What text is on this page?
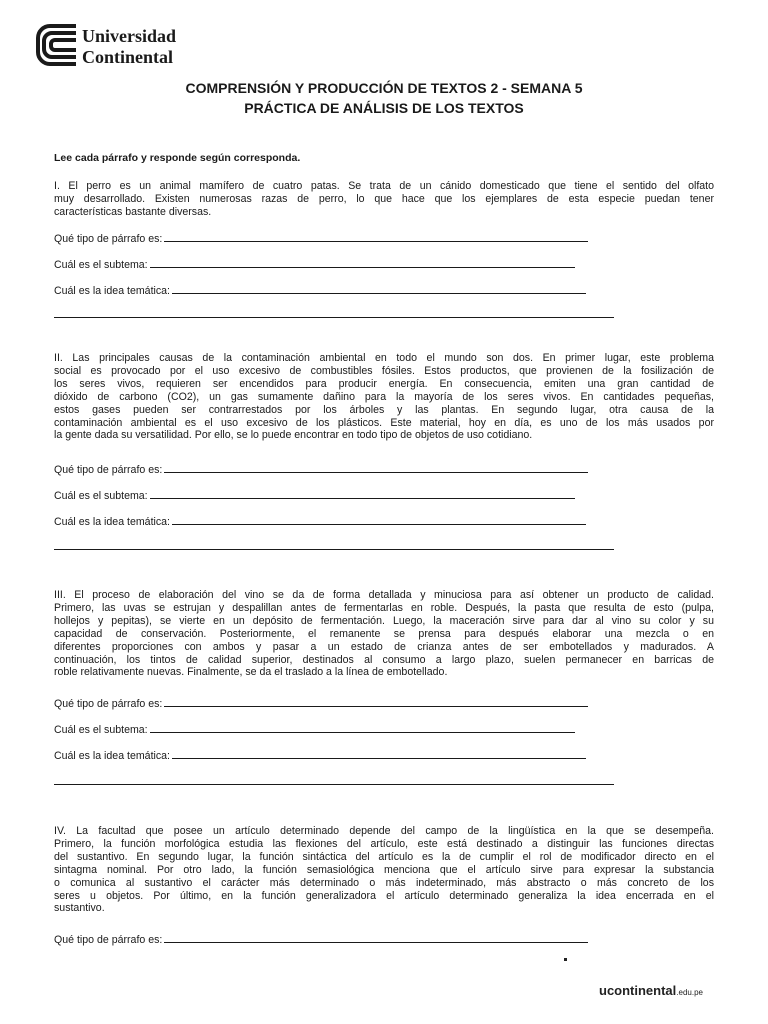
Universidad
Continental
COMPRENSIÓN Y PRODUCCIÓN DE TEXTOS 2 - SEMANA 5
PRÁCTICA DE ANÁLISIS DE LOS TEXTOS
Lee cada párrafo y responde según corresponda.
I. El perro es un animal mamífero de cuatro patas. Se trata de un cánido domesticado que tiene el sentido del olfato
muy desarrollado. Existen numerosas razas de perro, lo que hace que los ejemplares de esta especie puedan tener
características bastante diversas.
Qué tipo de párrafo es:
Cuál es el subtema:
Cuál es la idea temática:
II. Las principales causas de la contaminación ambiental en todo el mundo son dos. En primer lugar, este problema
social es provocado por el uso excesivo de combustibles fósiles. Estos productos, que provienen de la fosilización de
los seres vivos, requieren ser encendidos para producir energía. En consecuencia, emiten una gran cantidad de
dióxido de carbono (CO2), un gas sumamente dañino para la mayoría de los seres vivos. En cantidades pequeñas,
estos gases pueden ser contrarrestados por los árboles y las plantas. En segundo lugar, otra causa de la
contaminación ambiental es el uso excesivo de los plásticos. Este material, hoy en día, es uno de los más usados por
la gente dada su versatilidad. Por ello, se lo puede encontrar en todo tipo de objetos de uso cotidiano.
Qué tipo de párrafo es:
Cuál es el subtema:
Cuál es la idea temática:
III. El proceso de elaboración del vino se da de forma detallada y minuciosa para así obtener un producto de calidad.
Primero, las uvas se estrujan y despalillan antes de fermentarlas en roble. Después, la pasta que resulta de esto (pulpa,
hollejos y pepitas), se vierte en un depósito de fermentación. Luego, la maceración sirve para dar al vino su color y su
capacidad de conservación. Posteriormente, el remanente se prensa para después elaborar una mezcla o en
diferentes proporciones con ambos y pasar a un estado de crianza antes de ser embotellados y madurados. A
continuación, los tintos de calidad superior, destinados al consumo a largo plazo, suelen permanecer en barricas de
roble relativamente nuevas. Finalmente, se da el traslado a la línea de embotellado.
Qué tipo de párrafo es:
Cuál es el subtema:
Cuál es la idea temática:
IV. La facultad que posee un artículo determinado depende del campo de la lingüística en la que se desempeña.
Primero, la función morfológica estudia las flexiones del artículo, este está destinado a distinguir las funciones directas
del sustantivo. En segundo lugar, la función sintáctica del artículo es la de cumplir el rol de modificador directo en el
sintagma nominal. Por otro lado, la función semasiológica menciona que el artículo sirve para expresar la substancia
o comunica al sustantivo el carácter más determinado o más indeterminado, más abstracto o más concreto de los
seres u objetos. Por último, en la función generalizadora el artículo determinado generaliza la idea encerrada en el
sustantivo.
Qué tipo de párrafo es:
ucontinental.edu.pe
